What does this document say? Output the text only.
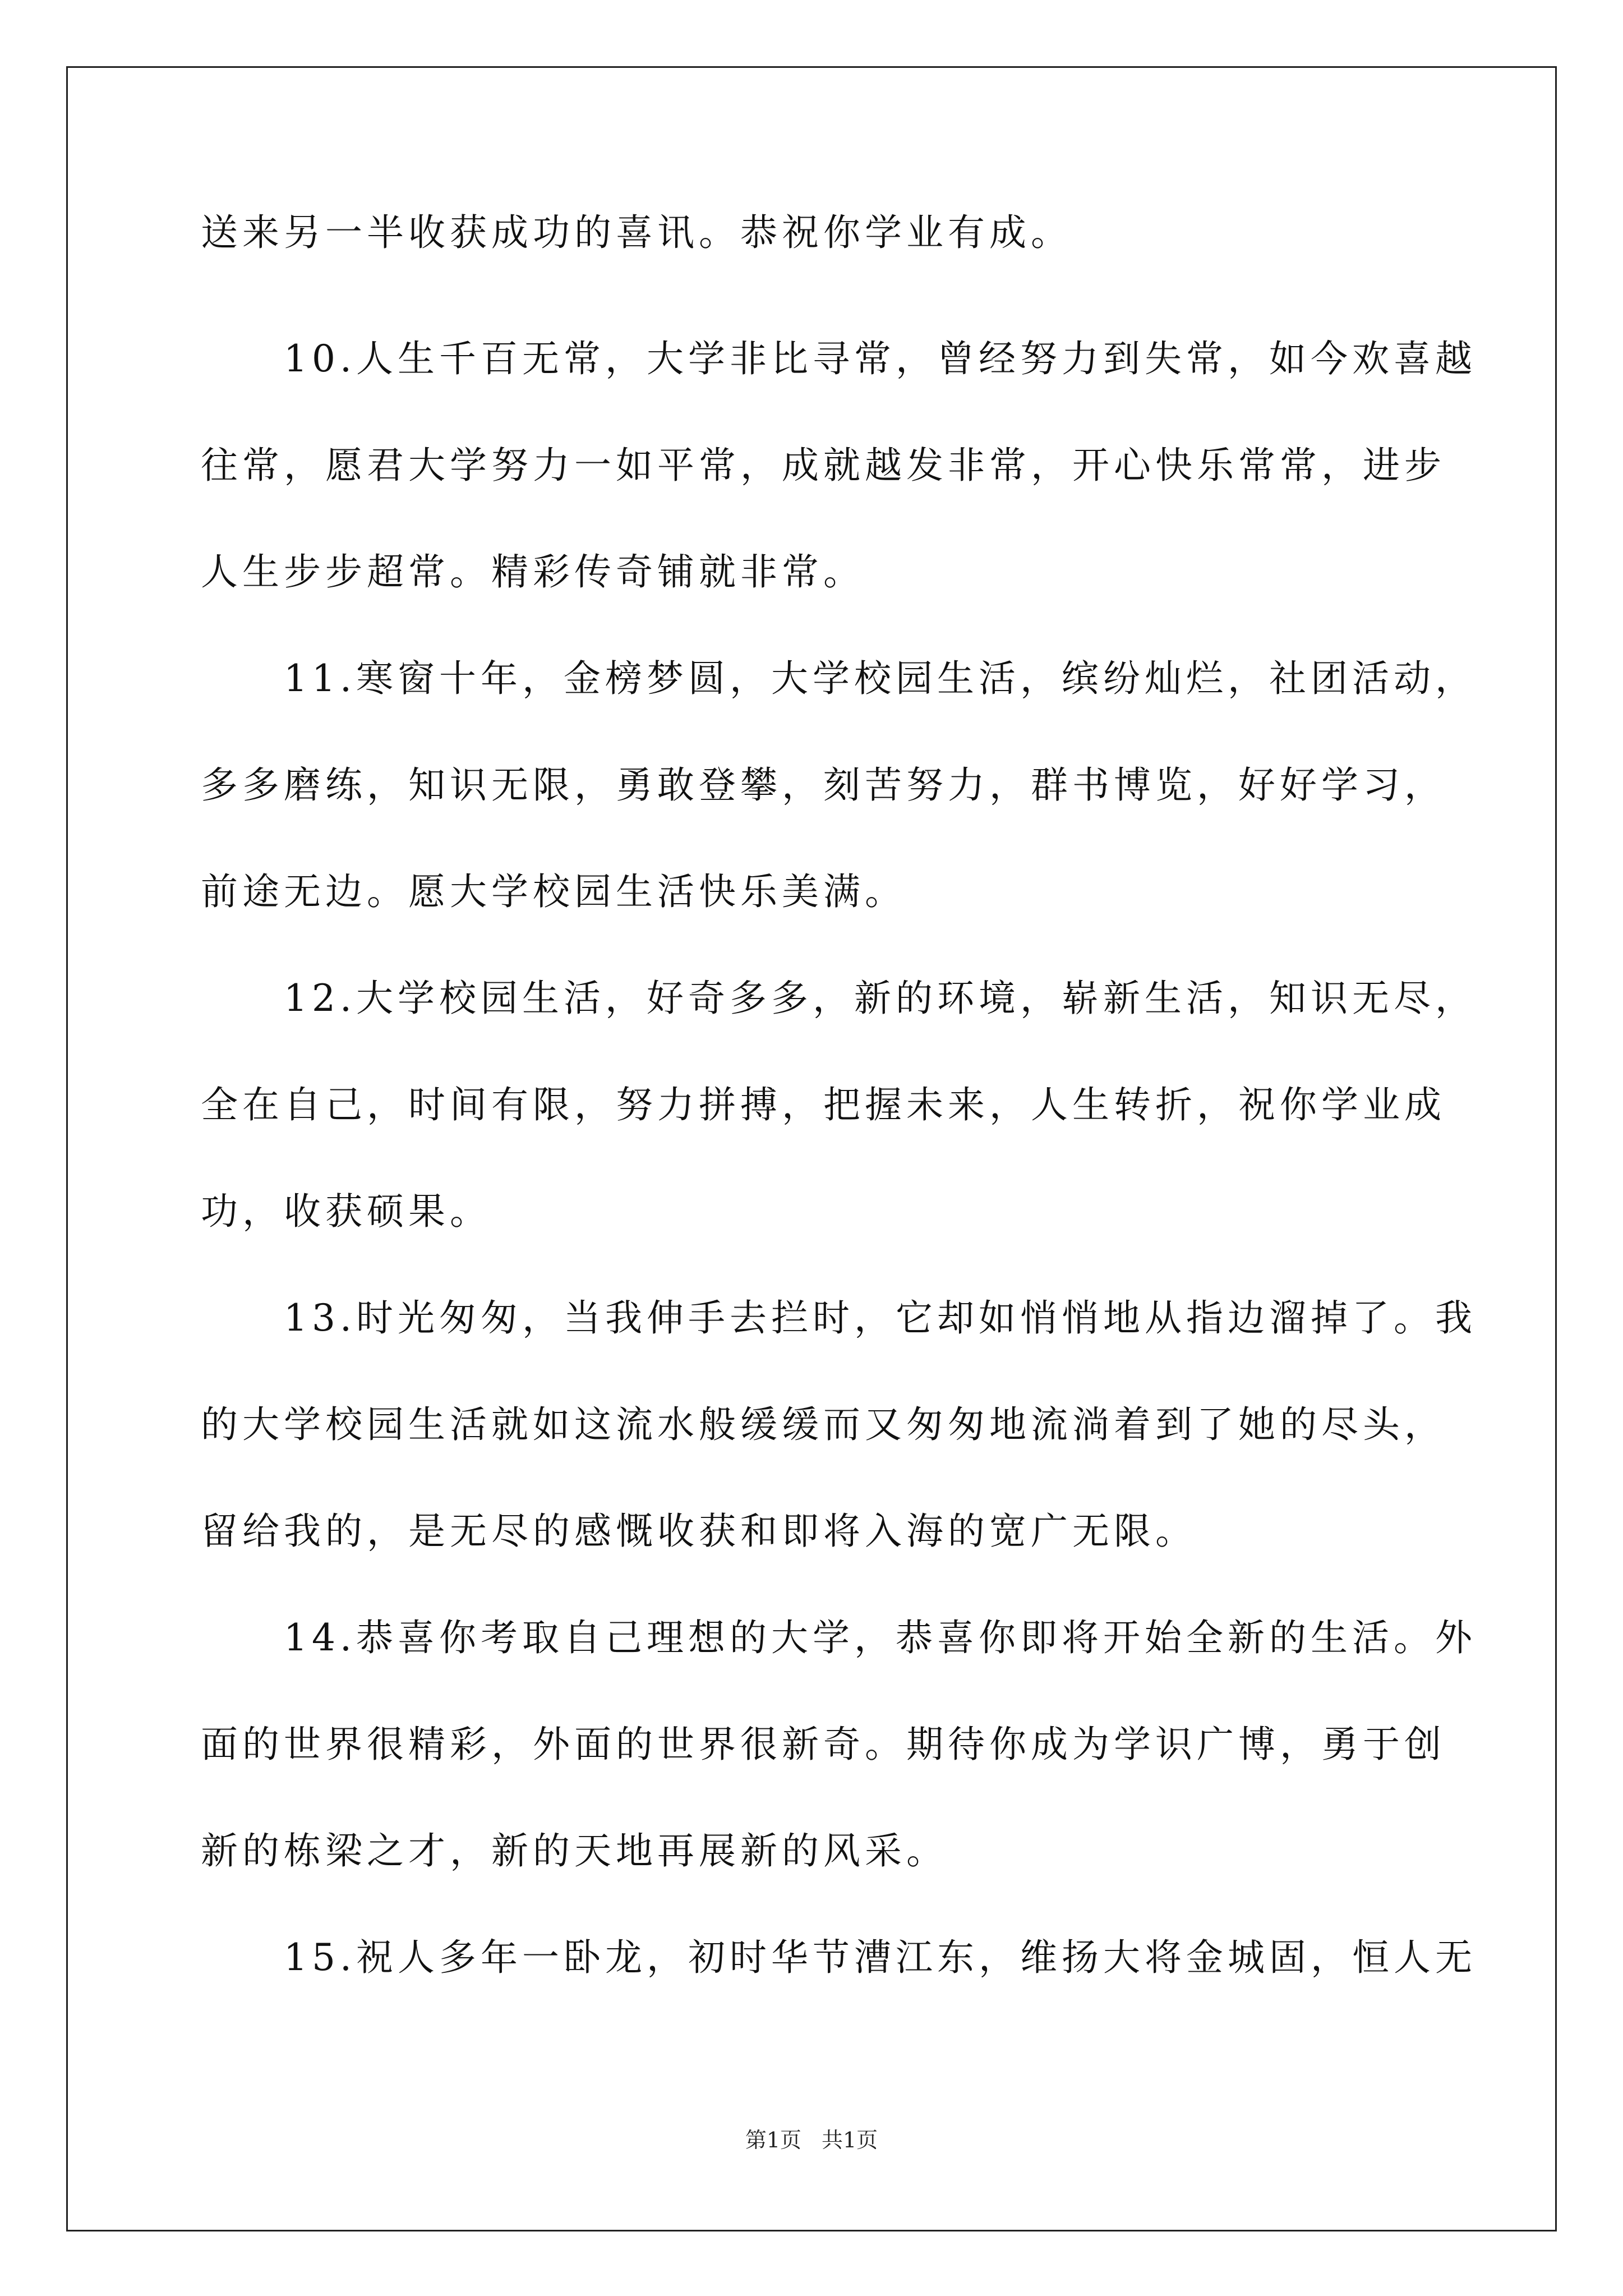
送来另一半收获成功的喜讯。恭祝你学业有成。
　　10.人生千百无常，大学非比寻常，曾经努力到失常，如今欢喜越
往常，愿君大学努力一如平常，成就越发非常，开心快乐常常，进步
人生步步超常。精彩传奇铺就非常。
　　11.寒窗十年，金榜梦圆，大学校园生活，缤纷灿烂，社团活动，
多多磨练，知识无限，勇敢登攀，刻苦努力，群书博览，好好学习，
前途无边。愿大学校园生活快乐美满。
　　12.大学校园生活，好奇多多，新的环境，崭新生活，知识无尽，
全在自己，时间有限，努力拼搏，把握未来，人生转折，祝你学业成
功，收获硕果。
　　13.时光匆匆，当我伸手去拦时，它却如悄悄地从指边溜掉了。我
的大学校园生活就如这流水般缓缓而又匆匆地流淌着到了她的尽头，
留给我的，是无尽的感慨收获和即将入海的宽广无限。
　　14.恭喜你考取自己理想的大学，恭喜你即将开始全新的生活。外
面的世界很精彩，外面的世界很新奇。期待你成为学识广博，勇于创
新的栋梁之才，新的天地再展新的风采。
　　15.祝人多年一卧龙，初时华节漕江东，维扬大将金城固，恒人无
第1页 共1页
